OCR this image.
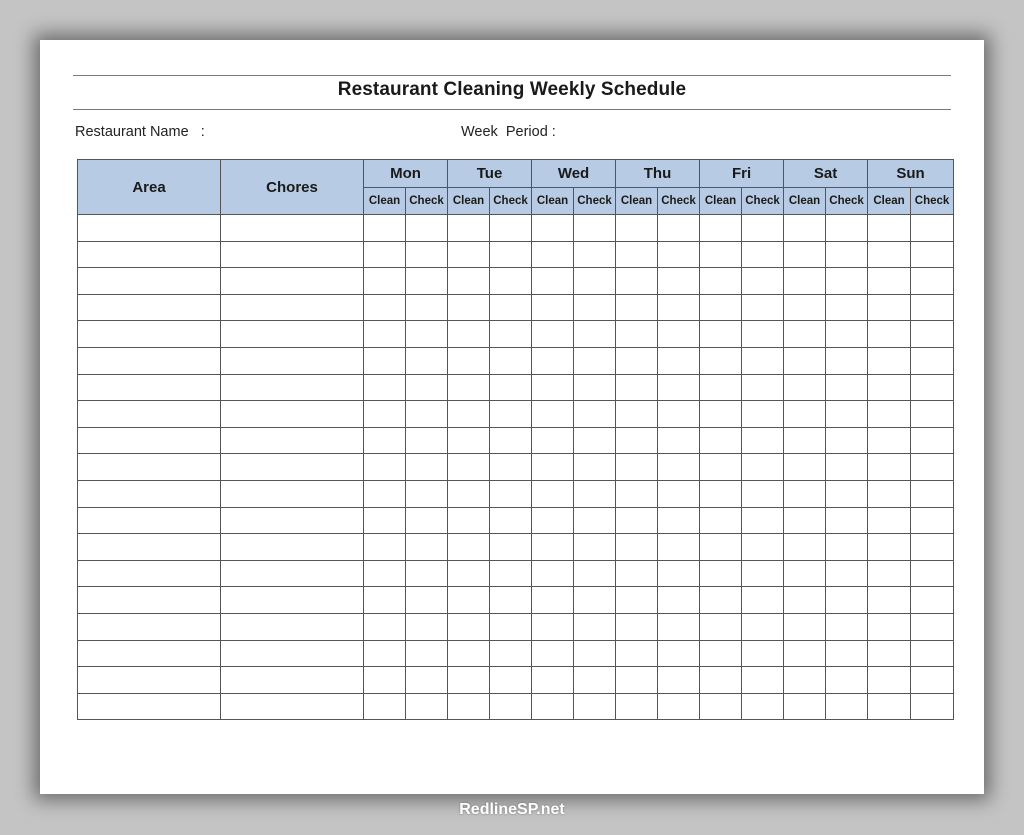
Restaurant Cleaning Weekly Schedule
Restaurant Name   :	Week  Period :
Area	Chores	Mon		Tue		Wed		Thu		Fri		Sat		Sun	
		Clean	Check	Clean	Check	Clean	Check	Clean	Check	Clean	Check	Clean	Check	Clean	Check

RedlineSP.net
